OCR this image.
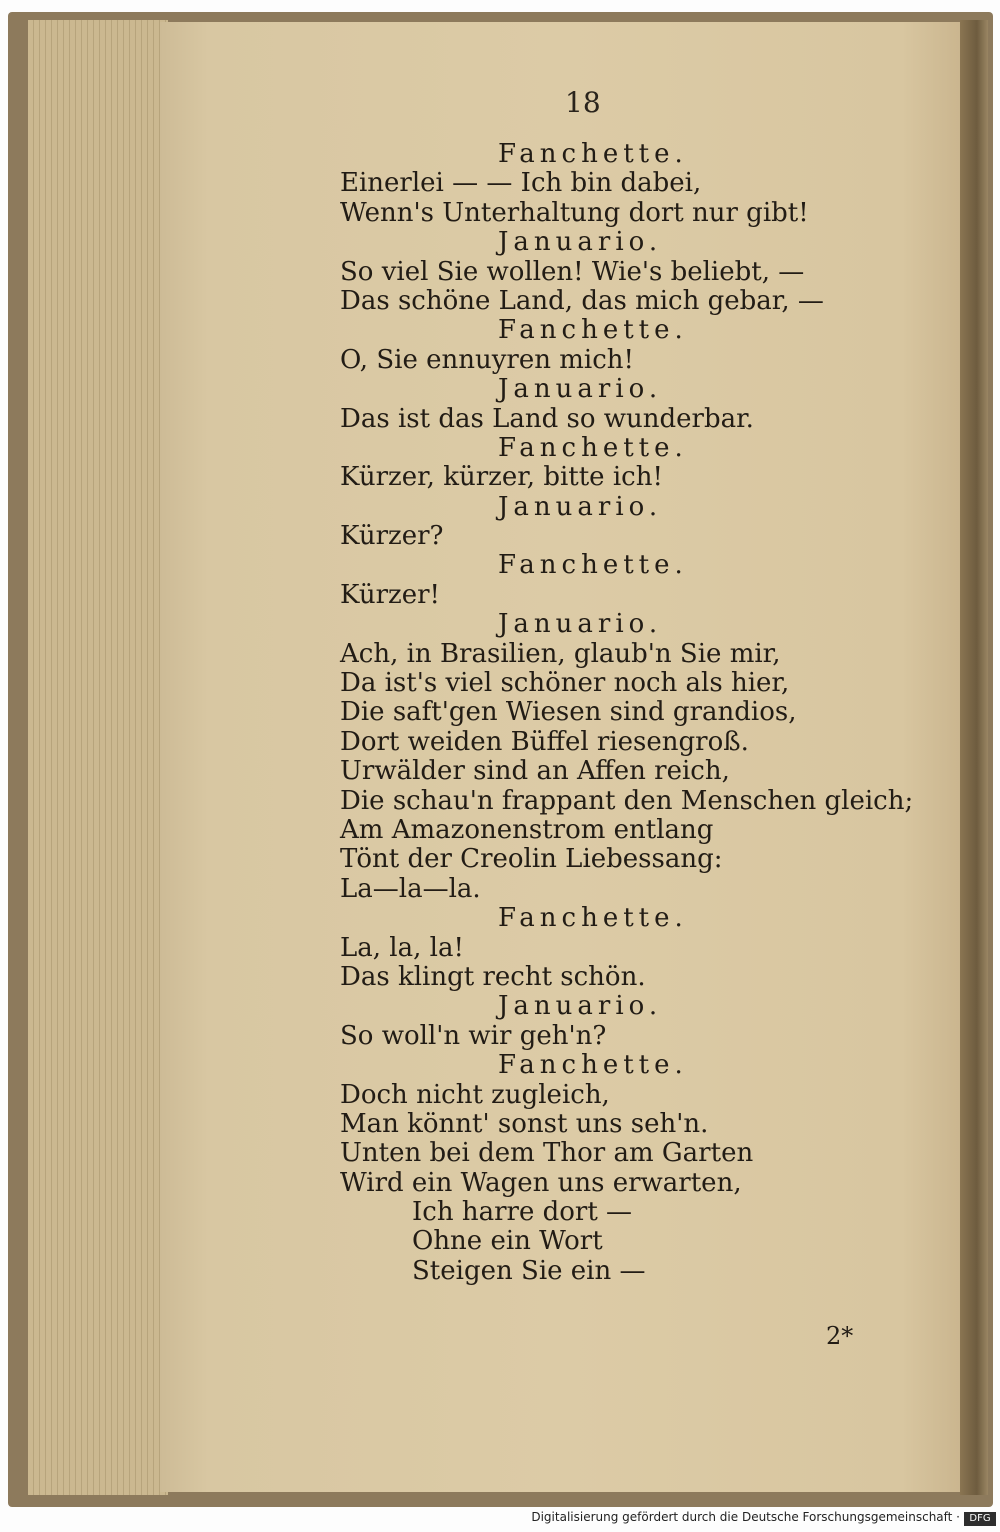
18
Fanchette.
Einerlei — — Ich bin dabei,
Wenn's Unterhaltung dort nur gibt!
Januario.
So viel Sie wollen! Wie's beliebt, —
Das schöne Land, das mich gebar, —
Fanchette.
O, Sie ennuyren mich!
Januario.
Das ist das Land so wunderbar.
Fanchette.
Kürzer, kürzer, bitte ich!
Januario.
Kürzer?
Fanchette.
Kürzer!
Januario.
Ach, in Brasilien, glaub'n Sie mir,
Da ist's viel schöner noch als hier,
Die saft'gen Wiesen sind grandios,
Dort weiden Büffel riesengroß.
Urwälder sind an Affen reich,
Die schau'n frappant den Menschen gleich;
Am Amazonenstrom entlang
Tönt der Creolin Liebessang:
La—la—la.
Fanchette.
La, la, la!
Das klingt recht schön.
Januario.
So woll'n wir geh'n?
Fanchette.
Doch nicht zugleich,
Man könnt' sonst uns seh'n.
Unten bei dem Thor am Garten
Wird ein Wagen uns erwarten,
Ich harre dort —
Ohne ein Wort
Steigen Sie ein —
2*
Digitalisierung gefördert durch die Deutsche Forschungsgemeinschaft · DFG
